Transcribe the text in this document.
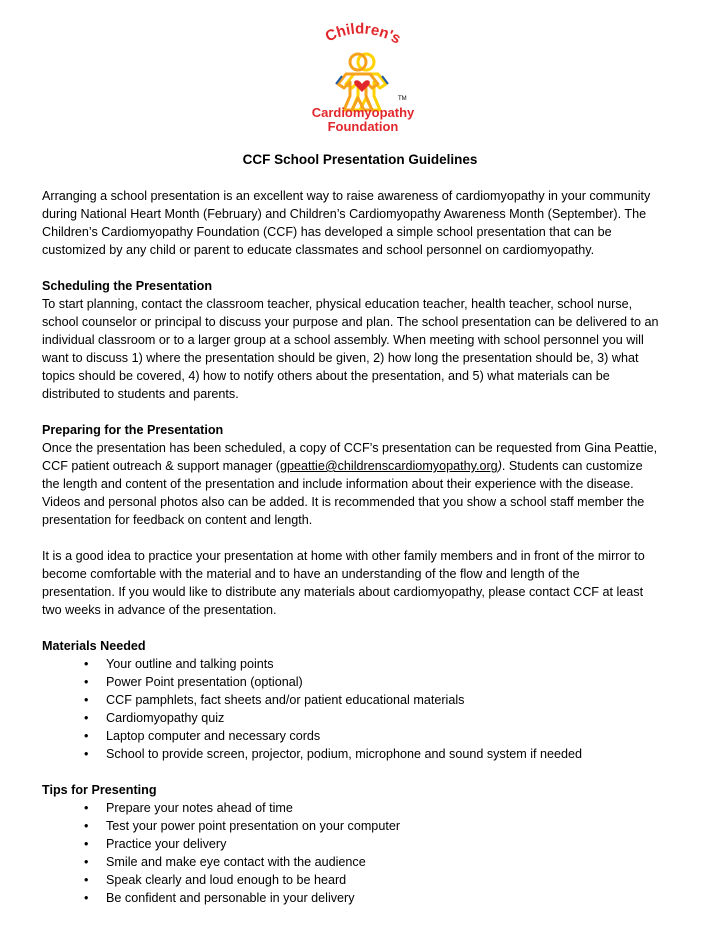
Children's
TM
Cardiomyopathy
Foundation
CCF School Presentation Guidelines

Arranging a school presentation is an excellent way to raise awareness of cardiomyopathy in your community

during National Heart Month (February) and Children’s Cardiomyopathy Awareness Month (September). The

Children’s Cardiomyopathy Foundation (CCF) has developed a simple school presentation that can be

customized by any child or parent to educate classmates and school personnel on cardiomyopathy.

Scheduling the Presentation

To start planning, contact the classroom teacher, physical education teacher, health teacher, school nurse,

school counselor or principal to discuss your purpose and plan. The school presentation can be delivered to an

individual classroom or to a larger group at a school assembly. When meeting with school personnel you will

want to discuss 1) where the presentation should be given, 2) how long the presentation should be, 3) what

topics should be covered, 4) how to notify others about the presentation, and 5) what materials can be

distributed to students and parents.

Preparing for the Presentation

Once the presentation has been scheduled, a copy of CCF’s presentation can be requested from Gina Peattie,

CCF patient outreach & support manager (gpeattie@childrenscardiomyopathy.org). Students can customize

the length and content of the presentation and include information about their experience with the disease.

Videos and personal photos also can be added. It is recommended that you show a school staff member the

presentation for feedback on content and length.

It is a good idea to practice your presentation at home with other family members and in front of the mirror to

become comfortable with the material and to have an understanding of the flow and length of the

presentation. If you would like to distribute any materials about cardiomyopathy, please contact CCF at least

two weeks in advance of the presentation.

Materials Needed

• Your outline and talking points
• Power Point presentation (optional)
• CCF pamphlets, fact sheets and/or patient educational materials
• Cardiomyopathy quiz
• Laptop computer and necessary cords
• School to provide screen, projector, podium, microphone and sound system if needed

Tips for Presenting

• Prepare your notes ahead of time
• Test your power point presentation on your computer
• Practice your delivery
• Smile and make eye contact with the audience
• Speak clearly and loud enough to be heard
• Be confident and personable in your delivery
